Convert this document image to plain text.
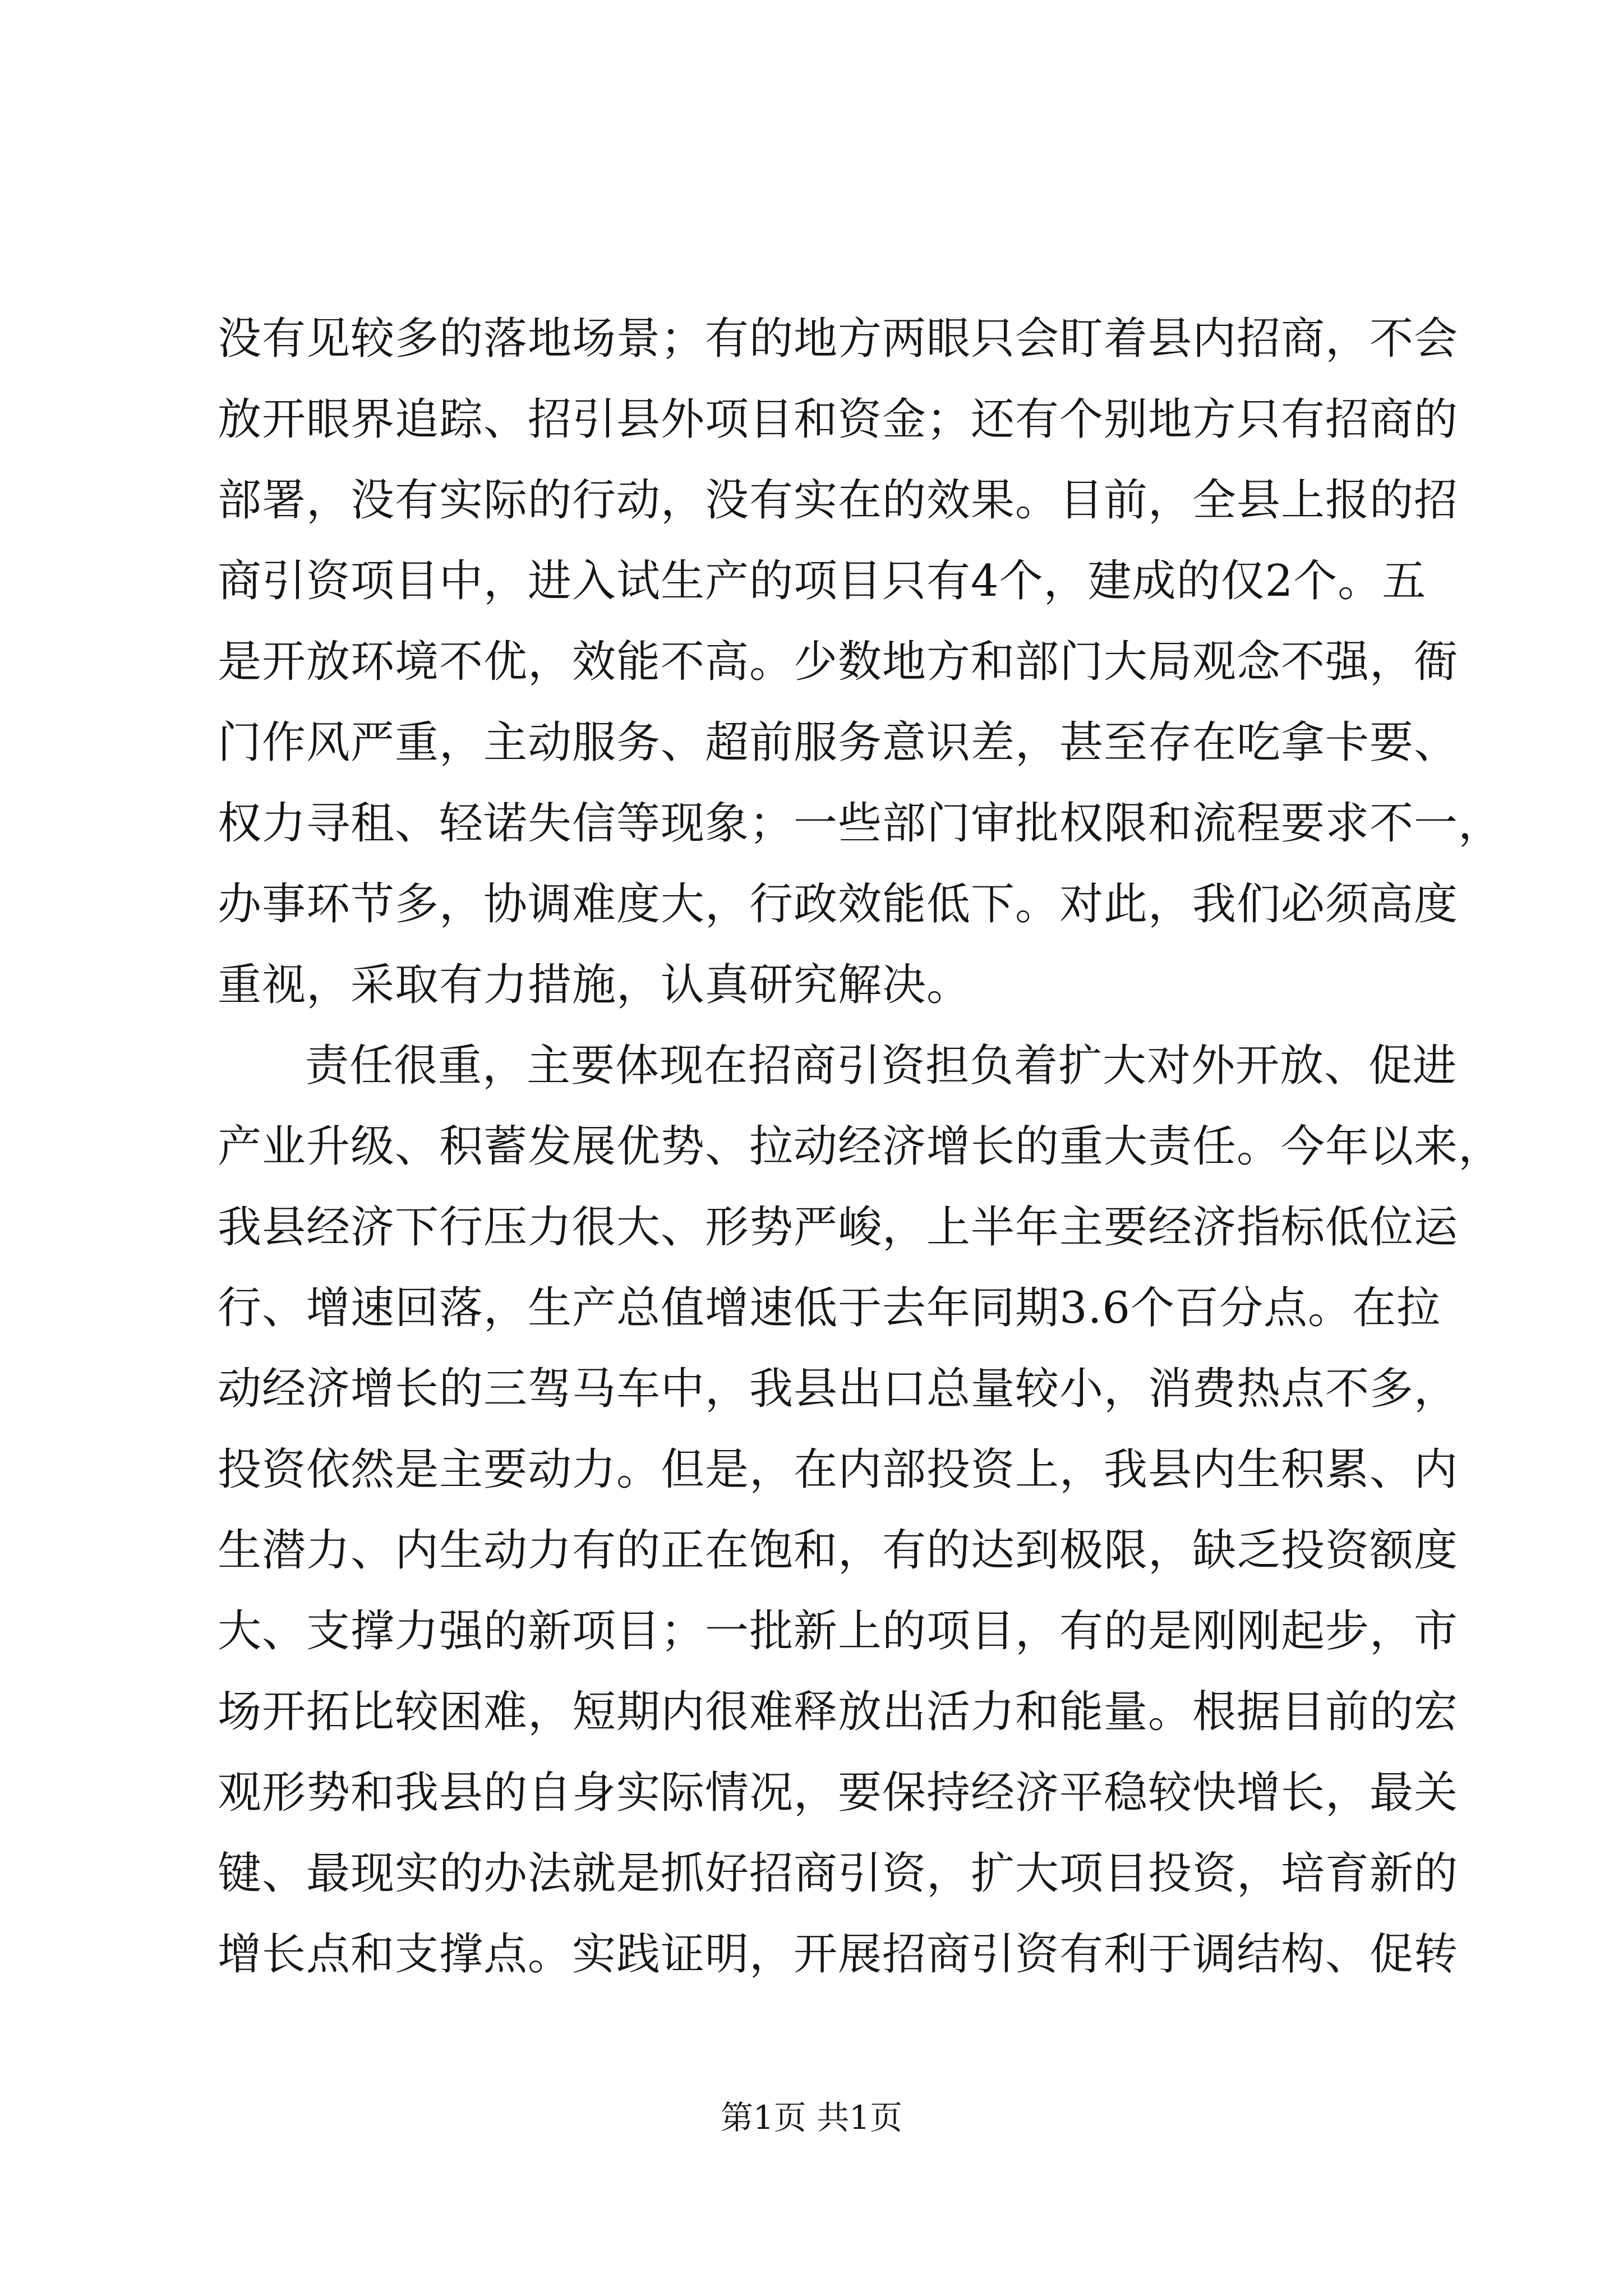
没有见较多的落地场景；有的地方两眼只会盯着县内招商，不会
放开眼界追踪、招引县外项目和资金；还有个别地方只有招商的
部署，没有实际的行动，没有实在的效果。目前，全县上报的招
商引资项目中，进入试生产的项目只有4个，建成的仅2个。五
是开放环境不优，效能不高。少数地方和部门大局观念不强，衙
门作风严重，主动服务、超前服务意识差，甚至存在吃拿卡要、
权力寻租、轻诺失信等现象；一些部门审批权限和流程要求不一，
办事环节多，协调难度大，行政效能低下。对此，我们必须高度
重视，采取有力措施，认真研究解决。
责任很重，主要体现在招商引资担负着扩大对外开放、促进
产业升级、积蓄发展优势、拉动经济增长的重大责任。今年以来，
我县经济下行压力很大、形势严峻，上半年主要经济指标低位运
行、增速回落，生产总值增速低于去年同期3.6个百分点。在拉
动经济增长的三驾马车中，我县出口总量较小，消费热点不多，
投资依然是主要动力。但是，在内部投资上，我县内生积累、内
生潜力、内生动力有的正在饱和，有的达到极限，缺乏投资额度
大、支撑力强的新项目；一批新上的项目，有的是刚刚起步，市
场开拓比较困难，短期内很难释放出活力和能量。根据目前的宏
观形势和我县的自身实际情况，要保持经济平稳较快增长，最关
键、最现实的办法就是抓好招商引资，扩大项目投资，培育新的
增长点和支撑点。实践证明，开展招商引资有利于调结构、促转
第1页 共1页
